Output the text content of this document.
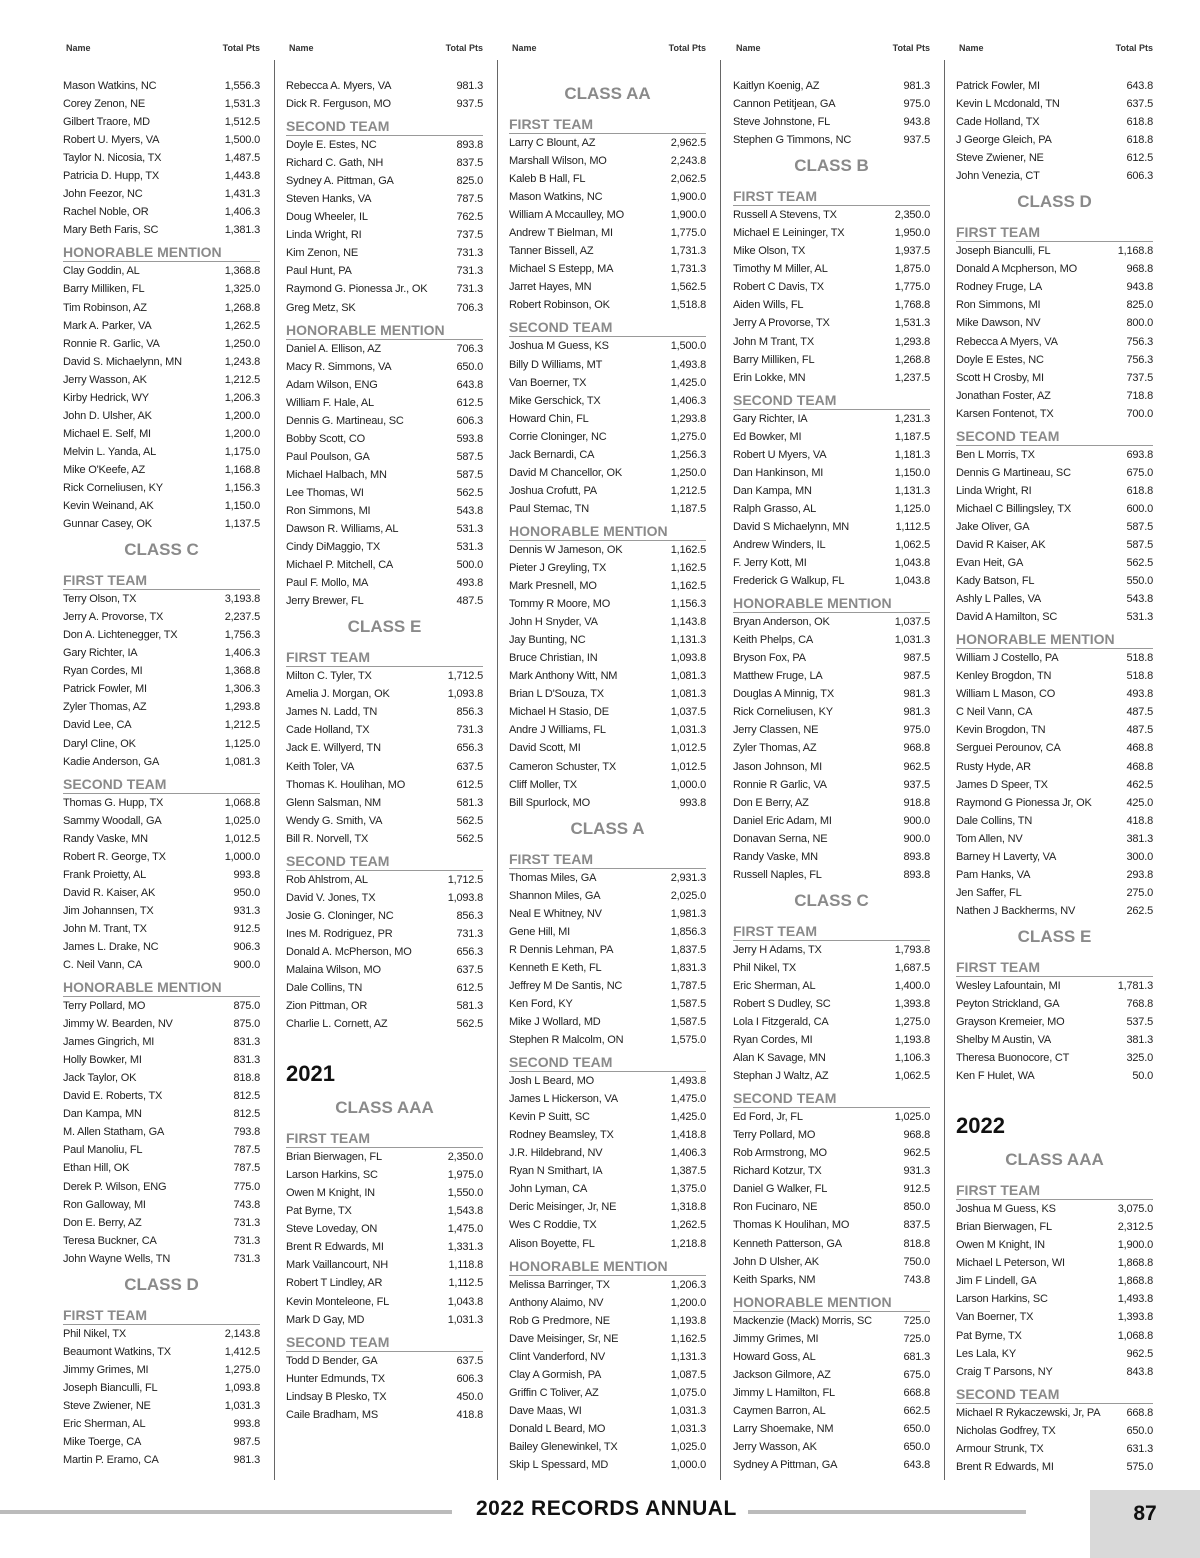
Name	Total Pts
Mason Watkins, NC	1,556.3
Corey Zenon, NE	1,531.3
Gilbert Traore, MD	1,512.5
Robert U. Myers, VA	1,500.0
Taylor N. Nicosia, TX	1,487.5
Patricia D. Hupp, TX	1,443.8
John Feezor, NC	1,431.3
Rachel Noble, OR	1,406.3
Mary Beth Faris, SC	1,381.3
HONORABLE MENTION
Clay Goddin, AL	1,368.8
Barry Milliken, FL	1,325.0
Tim Robinson, AZ	1,268.8
Mark A. Parker, VA	1,262.5
Ronnie R. Garlic, VA	1,250.0
David S. Michaelynn, MN	1,243.8
Jerry Wasson, AK	1,212.5
Kirby Hedrick, WY	1,206.3
John D. Ulsher, AK	1,200.0
Michael E. Self, MI	1,200.0
Melvin L. Yanda, AL	1,175.0
Mike O'Keefe, AZ	1,168.8
Rick Corneliusen, KY	1,156.3
Kevin Weinand, AK	1,150.0
Gunnar Casey, OK	1,137.5
CLASS C
FIRST TEAM
Terry Olson, TX	3,193.8
Jerry A. Provorse, TX	2,237.5
Don A. Lichtenegger, TX	1,756.3
Gary Richter, IA	1,406.3
Ryan Cordes, MI	1,368.8
Patrick Fowler, MI	1,306.3
Zyler Thomas, AZ	1,293.8
David Lee, CA	1,212.5
Daryl Cline, OK	1,125.0
Kadie Anderson, GA	1,081.3
SECOND TEAM
Thomas G. Hupp, TX	1,068.8
Sammy Woodall, GA	1,025.0
Randy Vaske, MN	1,012.5
Robert R. George, TX	1,000.0
Frank Proietty, AL	993.8
David R. Kaiser, AK	950.0
Jim Johannsen, TX	931.3
John M. Trant, TX	912.5
James L. Drake, NC	906.3
C. Neil Vann, CA	900.0
HONORABLE MENTION
Terry Pollard, MO	875.0
Jimmy W. Bearden, NV	875.0
James Gingrich, MI	831.3
Holly Bowker, MI	831.3
Jack Taylor, OK	818.8
David E. Roberts, TX	812.5
Dan Kampa, MN	812.5
M. Allen Statham, GA	793.8
Paul Manoliu, FL	787.5
Ethan Hill, OK	787.5
Derek P. Wilson, ENG	775.0
Ron Galloway, MI	743.8
Don E. Berry, AZ	731.3
Teresa Buckner, CA	731.3
John Wayne Wells, TN	731.3
CLASS D
FIRST TEAM
Phil Nikel, TX	2,143.8
Beaumont Watkins, TX	1,412.5
Jimmy Grimes, MI	1,275.0
Joseph Bianculli, FL	1,093.8
Steve Zwiener, NE	1,031.3
Eric Sherman, AL	993.8
Mike Toerge, CA	987.5
Martin P. Eramo, CA	981.3
Name	Total Pts
Rebecca A. Myers, VA	981.3
Dick R. Ferguson, MO	937.5
SECOND TEAM
Doyle E. Estes, NC	893.8
Richard C. Gath, NH	837.5
Sydney A. Pittman, GA	825.0
Steven Hanks, VA	787.5
Doug Wheeler, IL	762.5
Linda Wright, RI	737.5
Kim Zenon, NE	731.3
Paul Hunt, PA	731.3
Raymond G. Pionessa Jr., OK	731.3
Greg Metz, SK	706.3
HONORABLE MENTION
Daniel A. Ellison, AZ	706.3
Macy R. Simmons, VA	650.0
Adam Wilson, ENG	643.8
William F. Hale, AL	612.5
Dennis G. Martineau, SC	606.3
Bobby Scott, CO	593.8
Paul Poulson, GA	587.5
Michael Halbach, MN	587.5
Lee Thomas, WI	562.5
Ron Simmons, MI	543.8
Dawson R. Williams, AL	531.3
Cindy DiMaggio, TX	531.3
Michael P. Mitchell, CA	500.0
Paul F. Mollo, MA	493.8
Jerry Brewer, FL	487.5
CLASS E
FIRST TEAM
Milton C. Tyler, TX	1,712.5
Amelia J. Morgan, OK	1,093.8
James N. Ladd, TN	856.3
Cade Holland, TX	731.3
Jack E. Willyerd, TN	656.3
Keith Toler, VA	637.5
Thomas K. Houlihan, MO	612.5
Glenn Salsman, NM	581.3
Wendy G. Smith, VA	562.5
Bill R. Norvell, TX	562.5
SECOND TEAM
Rob Ahlstrom, AL	1,712.5
David V. Jones, TX	1,093.8
Josie G. Cloninger, NC	856.3
Ines M. Rodriguez, PR	731.3
Donald A. McPherson, MO	656.3
Malaina Wilson, MO	637.5
Dale Collins, TN	612.5
Zion Pittman, OR	581.3
Charlie L. Cornett, AZ	562.5
2021
CLASS AAA
FIRST TEAM
Brian Bierwagen, FL	2,350.0
Larson Harkins, SC	1,975.0
Owen M Knight, IN	1,550.0
Pat Byrne, TX	1,543.8
Steve Loveday, ON	1,475.0
Brent R Edwards, MI	1,331.3
Mark Vaillancourt, NH	1,118.8
Robert T Lindley, AR	1,112.5
Kevin Monteleone, FL	1,043.8
Mark D Gay, MD	1,031.3
SECOND TEAM
Todd D Bender, GA	637.5
Hunter Edmunds, TX	606.3
Lindsay B Plesko, TX	450.0
Caile Bradham, MS	418.8
Name	Total Pts
CLASS AA
FIRST TEAM
Larry C Blount, AZ	2,962.5
Marshall Wilson, MO	2,243.8
Kaleb B Hall, FL	2,062.5
Mason Watkins, NC	1,900.0
William A Mccaulley, MO	1,900.0
Andrew T Bielman, MI	1,775.0
Tanner Bissell, AZ	1,731.3
Michael S Estepp, MA	1,731.3
Jarret Hayes, MN	1,562.5
Robert Robinson, OK	1,518.8
SECOND TEAM
Joshua M Guess, KS	1,500.0
Billy D Williams, MT	1,493.8
Van Boerner, TX	1,425.0
Mike Gerschick, TX	1,406.3
Howard Chin, FL	1,293.8
Corrie Cloninger, NC	1,275.0
Jack Bernardi, CA	1,256.3
David M Chancellor, OK	1,250.0
Joshua Crofutt, PA	1,212.5
Paul Stemac, TN	1,187.5
HONORABLE MENTION
Dennis W Jameson, OK	1,162.5
Pieter J Greyling, TX	1,162.5
Mark Presnell, MO	1,162.5
Tommy R Moore, MO	1,156.3
John H Snyder, VA	1,143.8
Jay Bunting, NC	1,131.3
Bruce Christian, IN	1,093.8
Mark Anthony Witt, NM	1,081.3
Brian L D'Souza, TX	1,081.3
Michael H Stasio, DE	1,037.5
Andre J Williams, FL	1,031.3
David Scott, MI	1,012.5
Cameron Schuster, TX	1,012.5
Cliff Moller, TX	1,000.0
Bill Spurlock, MO	993.8
CLASS A
FIRST TEAM
Thomas Miles, GA	2,931.3
Shannon Miles, GA	2,025.0
Neal E Whitney, NV	1,981.3
Gene Hill, MI	1,856.3
R Dennis Lehman, PA	1,837.5
Kenneth E Keth, FL	1,831.3
Jeffrey M De Santis, NC	1,787.5
Ken Ford, KY	1,587.5
Mike J Wollard, MD	1,587.5
Stephen R Malcolm, ON	1,575.0
SECOND TEAM
Josh L Beard, MO	1,493.8
James L Hickerson, VA	1,475.0
Kevin P Suitt, SC	1,425.0
Rodney Beamsley, TX	1,418.8
J.R. Hildebrand, NV	1,406.3
Ryan N Smithart, IA	1,387.5
John Lyman, CA	1,375.0
Deric Meisinger, Jr, NE	1,318.8
Wes C Roddie, TX	1,262.5
Alison Boyette, FL	1,218.8
HONORABLE MENTION
Melissa Barringer, TX	1,206.3
Anthony Alaimo, NV	1,200.0
Rob G Predmore, NE	1,193.8
Dave Meisinger, Sr, NE	1,162.5
Clint Vanderford, NV	1,131.3
Clay A Gormish, PA	1,087.5
Griffin C Toliver, AZ	1,075.0
Dave Maas, WI	1,031.3
Donald L Beard, MO	1,031.3
Bailey Glenewinkel, TX	1,025.0
Skip L Spessard, MD	1,000.0
Name	Total Pts
Kaitlyn Koenig, AZ	981.3
Cannon Petitjean, GA	975.0
Steve Johnstone, FL	943.8
Stephen G Timmons, NC	937.5
CLASS B
FIRST TEAM
Russell A Stevens, TX	2,350.0
Michael E Leininger, TX	1,950.0
Mike Olson, TX	1,937.5
Timothy M Miller, AL	1,875.0
Robert C Davis, TX	1,775.0
Aiden Wills, FL	1,768.8
Jerry A Provorse, TX	1,531.3
John M Trant, TX	1,293.8
Barry Milliken, FL	1,268.8
Erin Lokke, MN	1,237.5
SECOND TEAM
Gary Richter, IA	1,231.3
Ed Bowker, MI	1,187.5
Robert U Myers, VA	1,181.3
Dan Hankinson, MI	1,150.0
Dan Kampa, MN	1,131.3
Ralph Grasso, AL	1,125.0
David S Michaelynn, MN	1,112.5
Andrew Winders, IL	1,062.5
F. Jerry Kott, MI	1,043.8
Frederick G Walkup, FL	1,043.8
HONORABLE MENTION
Bryan Anderson, OK	1,037.5
Keith Phelps, CA	1,031.3
Bryson Fox, PA	987.5
Matthew Fruge, LA	987.5
Douglas A Minnig, TX	981.3
Rick Corneliusen, KY	981.3
Jerry Classen, NE	975.0
Zyler Thomas, AZ	968.8
Jason Johnson, MI	962.5
Ronnie R Garlic, VA	937.5
Don E Berry, AZ	918.8
Daniel Eric Adam, MI	900.0
Donavan Serna, NE	900.0
Randy Vaske, MN	893.8
Russell Naples, FL	893.8
CLASS C
FIRST TEAM
Jerry H Adams, TX	1,793.8
Phil Nikel, TX	1,687.5
Eric Sherman, AL	1,400.0
Robert S Dudley, SC	1,393.8
Lola I Fitzgerald, CA	1,275.0
Ryan Cordes, MI	1,193.8
Alan K Savage, MN	1,106.3
Stephan J Waltz, AZ	1,062.5
SECOND TEAM
Ed Ford, Jr, FL	1,025.0
Terry Pollard, MO	968.8
Rob Armstrong, MO	962.5
Richard Kotzur, TX	931.3
Daniel G Walker, FL	912.5
Ron Fucinaro, NE	850.0
Thomas K Houlihan, MO	837.5
Kenneth Patterson, GA	818.8
John D Ulsher, AK	750.0
Keith Sparks, NM	743.8
HONORABLE MENTION
Mackenzie (Mack) Morris, SC	725.0
Jimmy Grimes, MI	725.0
Howard Goss, AL	681.3
Jackson Gilmore, AZ	675.0
Jimmy L Hamilton, FL	668.8
Caymen Barron, AL	662.5
Larry Shoemake, NM	650.0
Jerry Wasson, AK	650.0
Sydney A Pittman, GA	643.8
Name	Total Pts
Patrick Fowler, MI	643.8
Kevin L Mcdonald, TN	637.5
Cade Holland, TX	618.8
J George Gleich, PA	618.8
Steve Zwiener, NE	612.5
John Venezia, CT	606.3
CLASS D
FIRST TEAM
Joseph Bianculli, FL	1,168.8
Donald A Mcpherson, MO	968.8
Rodney Fruge, LA	943.8
Ron Simmons, MI	825.0
Mike Dawson, NV	800.0
Rebecca A Myers, VA	756.3
Doyle E Estes, NC	756.3
Scott H Crosby, MI	737.5
Jonathan Foster, AZ	718.8
Karsen Fontenot, TX	700.0
SECOND TEAM
Ben L Morris, TX	693.8
Dennis G Martineau, SC	675.0
Linda Wright, RI	618.8
Michael C Billingsley, TX	600.0
Jake Oliver, GA	587.5
David R Kaiser, AK	587.5
Evan Heit, GA	562.5
Kady Batson, FL	550.0
Ashly L Palles, VA	543.8
David A Hamilton, SC	531.3
HONORABLE MENTION
William J Costello, PA	518.8
Kenley Brogdon, TN	518.8
William L Mason, CO	493.8
C Neil Vann, CA	487.5
Kevin Brogdon, TN	487.5
Serguei Perounov, CA	468.8
Rusty Hyde, AR	468.8
James D Speer, TX	462.5
Raymond G Pionessa Jr, OK	425.0
Dale Collins, TN	418.8
Tom Allen, NV	381.3
Barney H Laverty, VA	300.0
Pam Hanks, VA	293.8
Jen Saffer, FL	275.0
Nathen J Backherms, NV	262.5
CLASS E
FIRST TEAM
Wesley Lafountain, MI	1,781.3
Peyton Strickland, GA	768.8
Grayson Kremeier, MO	537.5
Shelby M Austin, VA	381.3
Theresa Buonocore, CT	325.0
Ken F Hulet, WA	50.0
2022
CLASS AAA
FIRST TEAM
Joshua M Guess, KS	3,075.0
Brian Bierwagen, FL	2,312.5
Owen M Knight, IN	1,900.0
Michael L Peterson, WI	1,868.8
Jim F Lindell, GA	1,868.8
Larson Harkins, SC	1,493.8
Van Boerner, TX	1,393.8
Pat Byrne, TX	1,068.8
Les Lala, KY	962.5
Craig T Parsons, NY	843.8
SECOND TEAM
Michael R Rykaczewski, Jr, PA 668.8
Nicholas Godfrey, TX	650.0
Armour Strunk, TX	631.3
Brent R Edwards, MI	575.0
2022 RECORDS ANNUAL	87
